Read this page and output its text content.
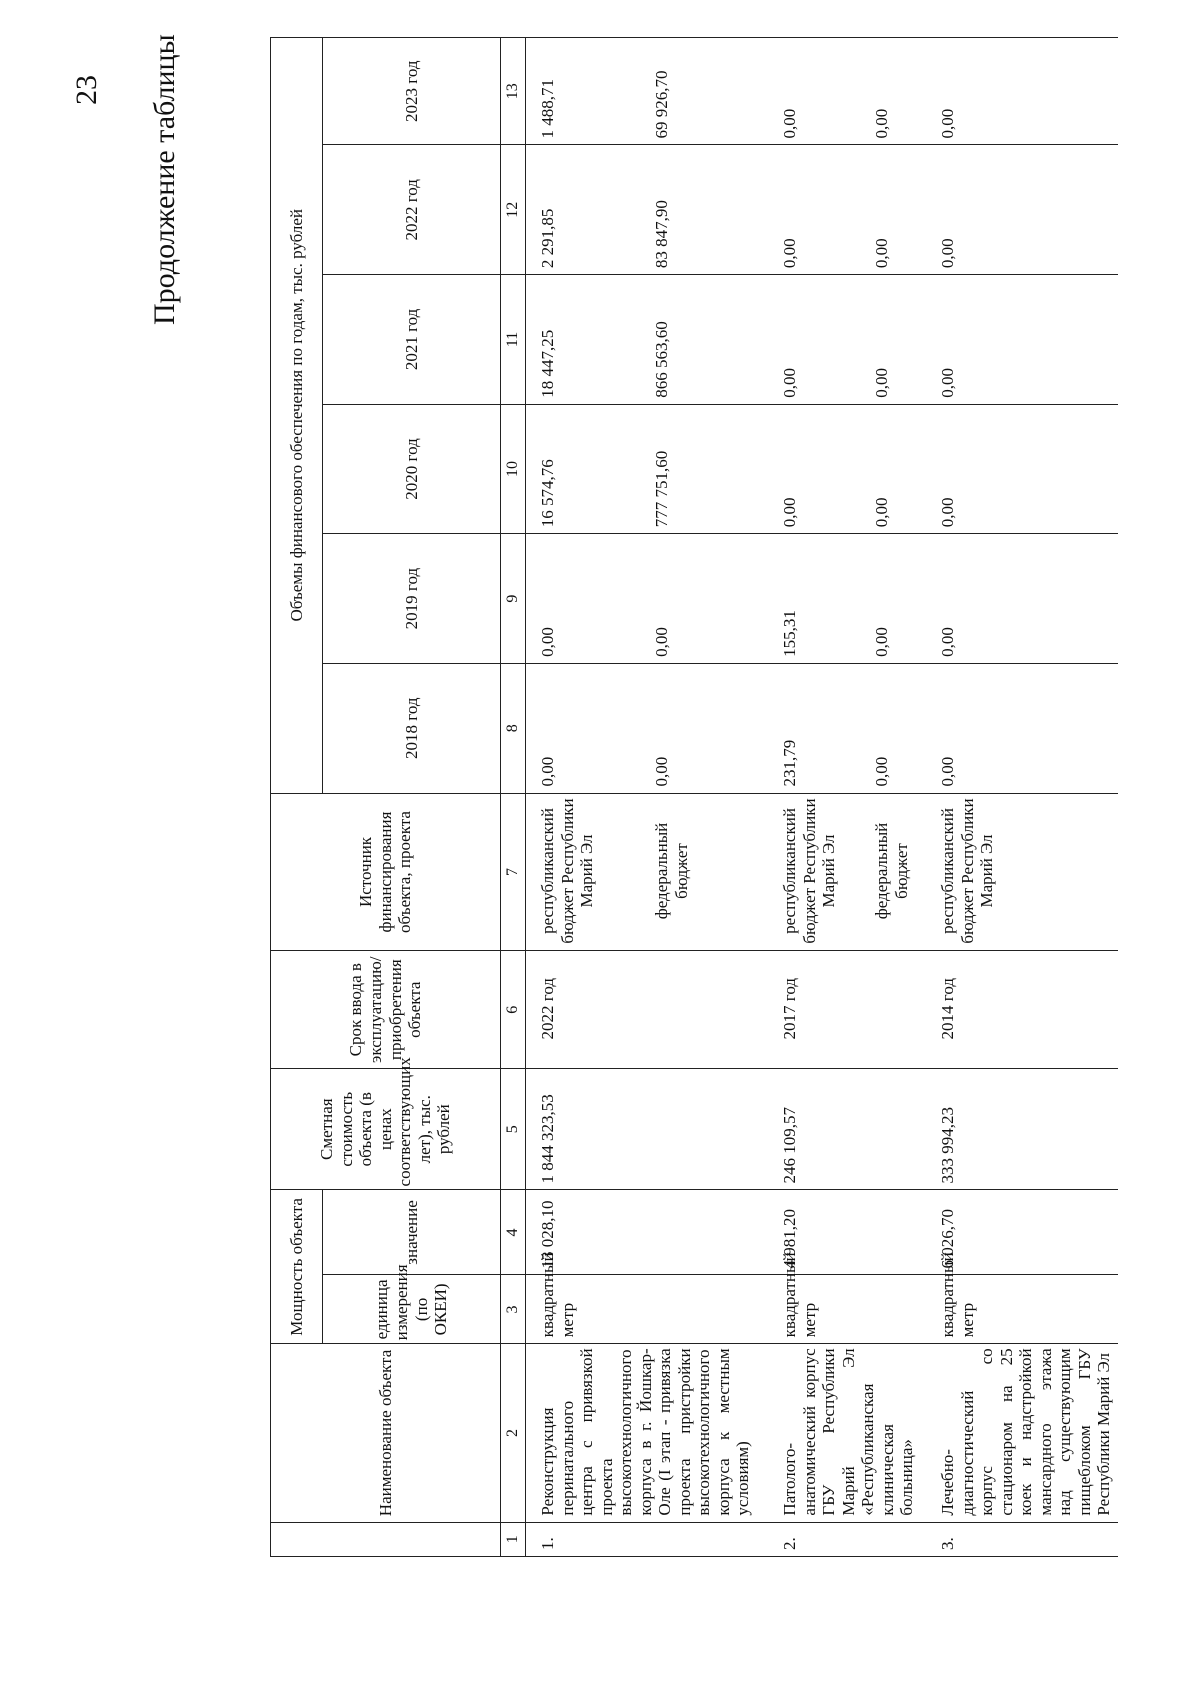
23 Продолжение таблицы
	Наименование объекта	Мощность объекта		Сметная стоимость объекта (в ценах соответствующих лет), тыс. рублей	Срок ввода в эксплуатацию/ приобретения объекта	Источник финансирования объекта, проекта	Объемы финансового обеспечения по годам, тыс. рублей					
		единица измерения (по ОКЕИ)	значение				2018 год	2019 год	2020 год	2021 год	2022 год	2023 год
1	2	3	4	5	6	7	8	9	10	11	12	13
1.	Реконструкция перинатального центра с привязкой проекта высокотехнологичного корпуса в г. Йошкар-Оле (I этап - привязка проекта пристройки высокотехнологичного корпуса к местным условиям)	квадратный метр	13 028,10	1 844 323,53	2022 год	республиканский бюджет Республики Марий Эл	0,00	0,00	16 574,76	18 447,25	2 291,85	1 488,71
						федеральный бюджет	0,00	0,00	777 751,60	866 563,60	83 847,90	69 926,70
2.	Патолого-анатомический корпус ГБУ Республики Марий Эл «Республиканская клиническая больница»	квадратный метр	4 981,20	246 109,57	2017 год	республиканский бюджет Республики Марий Эл	231,79	155,31	0,00	0,00	0,00	0,00
						федеральный бюджет	0,00	0,00	0,00	0,00	0,00	0,00
3.	Лечебно-диагностический корпус со стационаром на 25 коек и надстройкой мансардного этажа над существующим пищеблоком ГБУ Республики Марий Эл	квадратный метр	6 026,70	333 994,23	2014 год	республиканский бюджет Республики Марий Эл	0,00	0,00	0,00	0,00	0,00	0,00
